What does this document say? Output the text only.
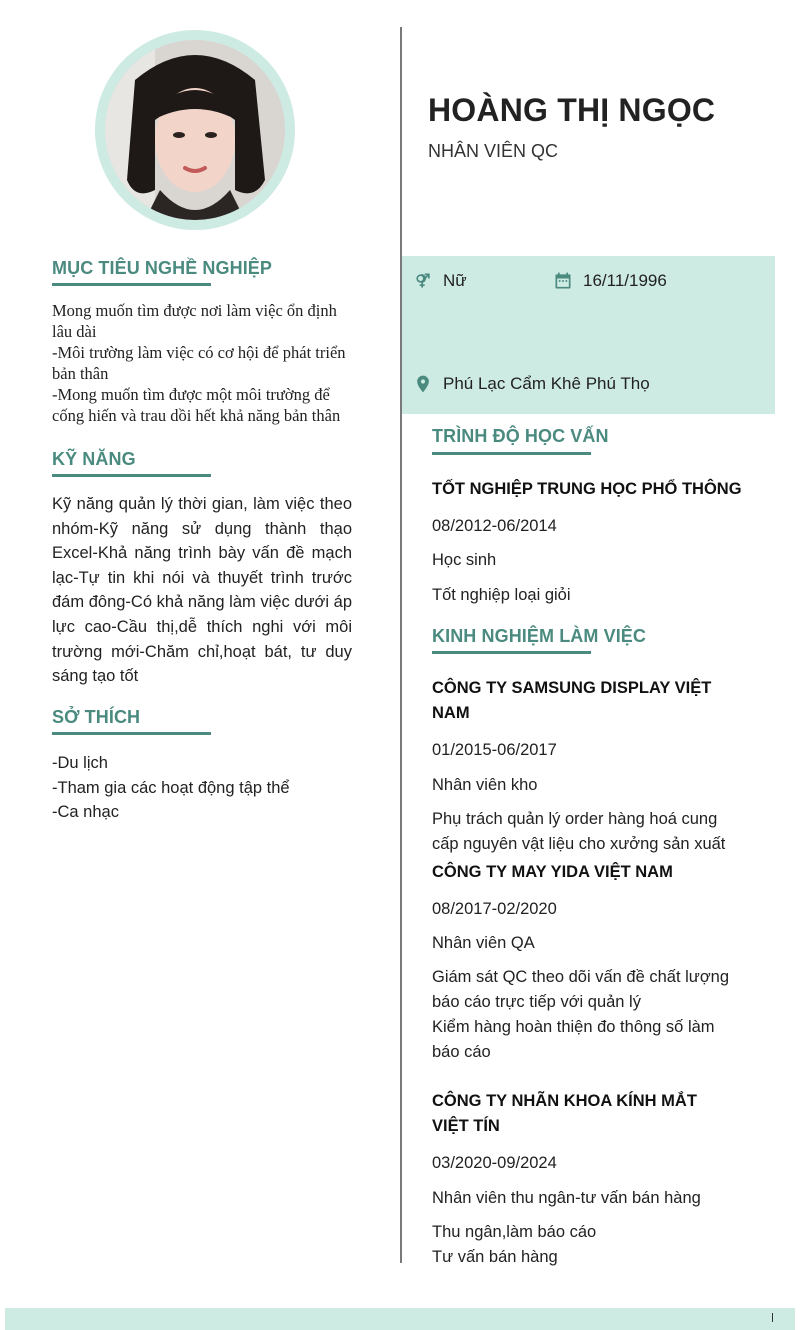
MỤC TIÊU NGHỀ NGHIỆP
Mong muốn tìm được nơi làm việc ổn định lâu dài
-Môi trường làm việc có cơ hội để phát triển bản thân
-Mong muốn tìm được một môi trường để cống hiến và trau dồi hết khả năng bản thân
KỸ NĂNG
Kỹ năng quản lý thời gian, làm việc theo nhóm-Kỹ năng sử dụng thành thạo Excel-Khả năng trình bày vấn đề mạch lạc-Tự tin khi nói và thuyết trình trước đám đông-Có khả năng làm việc dưới áp lực cao-Cầu thị,dễ thích nghi với môi trường mới-Chăm chỉ,hoạt bát, tư duy sáng tạo tốt
SỞ THÍCH
-Du lịch
-Tham gia các hoạt động tập thể
-Ca nhạc
HOÀNG THỊ NGỌC
NHÂN VIÊN QC
Nữ	16/11/1996
Phú Lạc Cẩm Khê Phú Thọ
TRÌNH ĐỘ HỌC VẤN
TỐT NGHIỆP TRUNG HỌC PHỔ THÔNG
08/2012-06/2014
Học sinh
Tốt nghiệp loại giỏi
KINH NGHIỆM LÀM VIỆC
CÔNG TY SAMSUNG DISPLAY VIỆT NAM
01/2015-06/2017
Nhân viên kho
Phụ trách quản lý order hàng hoá cung cấp nguyên vật liệu cho xưởng sản xuất
CÔNG TY MAY YIDA VIỆT NAM
08/2017-02/2020
Nhân viên QA
Giám sát QC theo dõi vấn đề chất lượng báo cáo trực tiếp với quản lý
Kiểm hàng hoàn thiện đo thông số làm báo cáo
CÔNG TY NHÃN KHOA KÍNH MẮT VIỆT TÍN
03/2020-09/2024
Nhân viên thu ngân-tư vấn bán hàng
Thu ngân,làm báo cáo
Tư vấn bán hàng
